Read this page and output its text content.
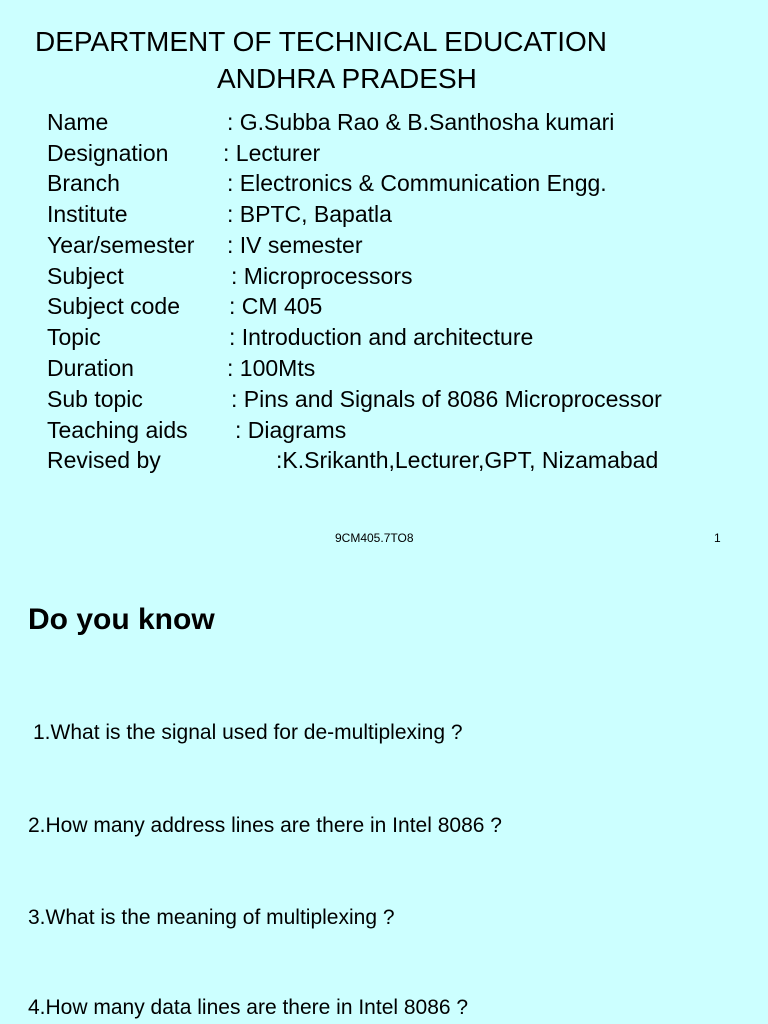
DEPARTMENT OF TECHNICAL EDUCATION
ANDHRA PRADESH
Name	: G.Subba Rao & B.Santhosha kumari
Designation : Lecturer
Branch	: Electronics & Communication Engg.
Institute	: BPTC, Bapatla
Year/semester : IV semester
Subject	: Microprocessors
Subject code : CM 405
Topic	: Introduction and architecture
Duration	: 100Mts
Sub topic	: Pins and Signals of 8086 Microprocessor
Teaching aids : Diagrams
Revised by	:K.Srikanth,Lecturer,GPT, Nizamabad
9CM405.7TO8	1
Do you know
1.What is the signal used for de-multiplexing ?
2.How many address lines are there in Intel 8086 ?
3.What is the meaning of multiplexing ?
4.How many data lines are there in Intel 8086 ?
